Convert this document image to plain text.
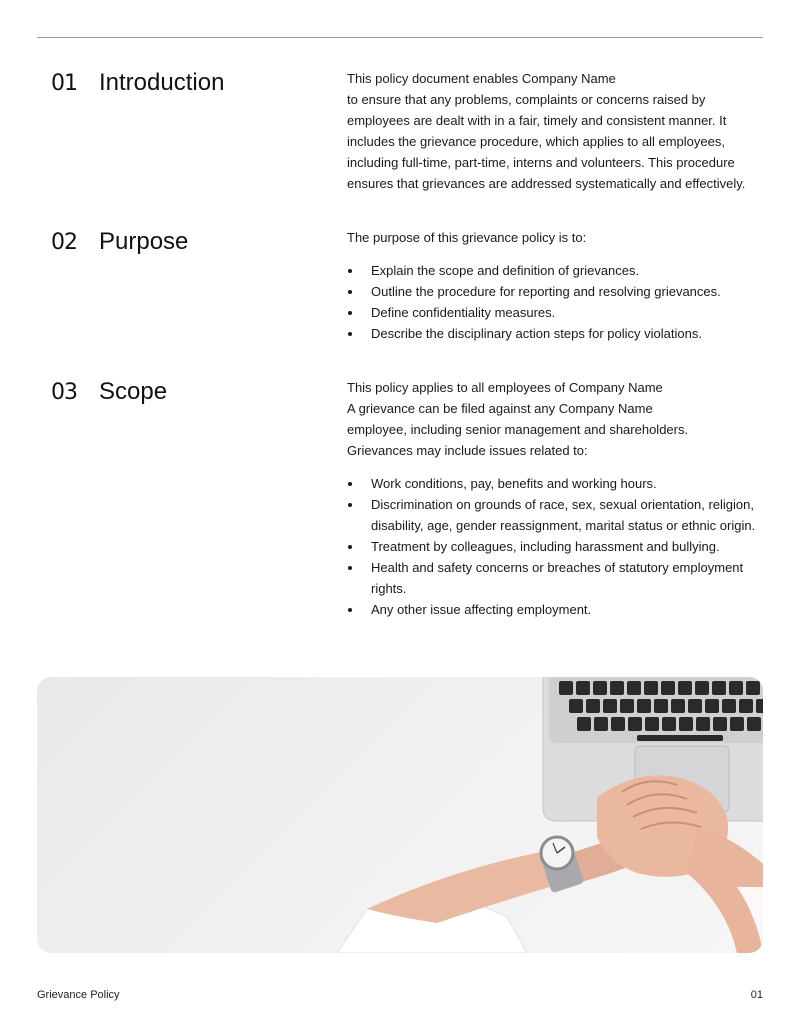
01 Introduction	This policy document enables Company Name

to ensure that any problems, complaints or concerns raised by employees are dealt with in a fair, timely and consistent manner. It includes the grievance procedure, which applies to all employees, including full-time, part-time, interns and volunteers. This procedure ensures that grievances are addressed systematically and effectively.

02 Purpose	The purpose of this grievance policy is to:

Explain the scope and definition of grievances.
Outline the procedure for reporting and resolving grievances.
Define confidentiality measures.
Describe the disciplinary action steps for policy violations.
03 Scope	This policy applies to all employees of Company Name

A grievance can be filed against any Company Name

employee, including senior management and shareholders.

Grievances may include issues related to:

Work conditions, pay, benefits and working hours.
Discrimination on grounds of race, sex, sexual orientation, religion, disability, age, gender reassignment, marital status or ethnic origin.
Treatment by colleagues, including harassment and bullying.
Health and safety concerns or breaches of statutory employment rights.
Any other issue affecting employment.
Grievance Policy	01
